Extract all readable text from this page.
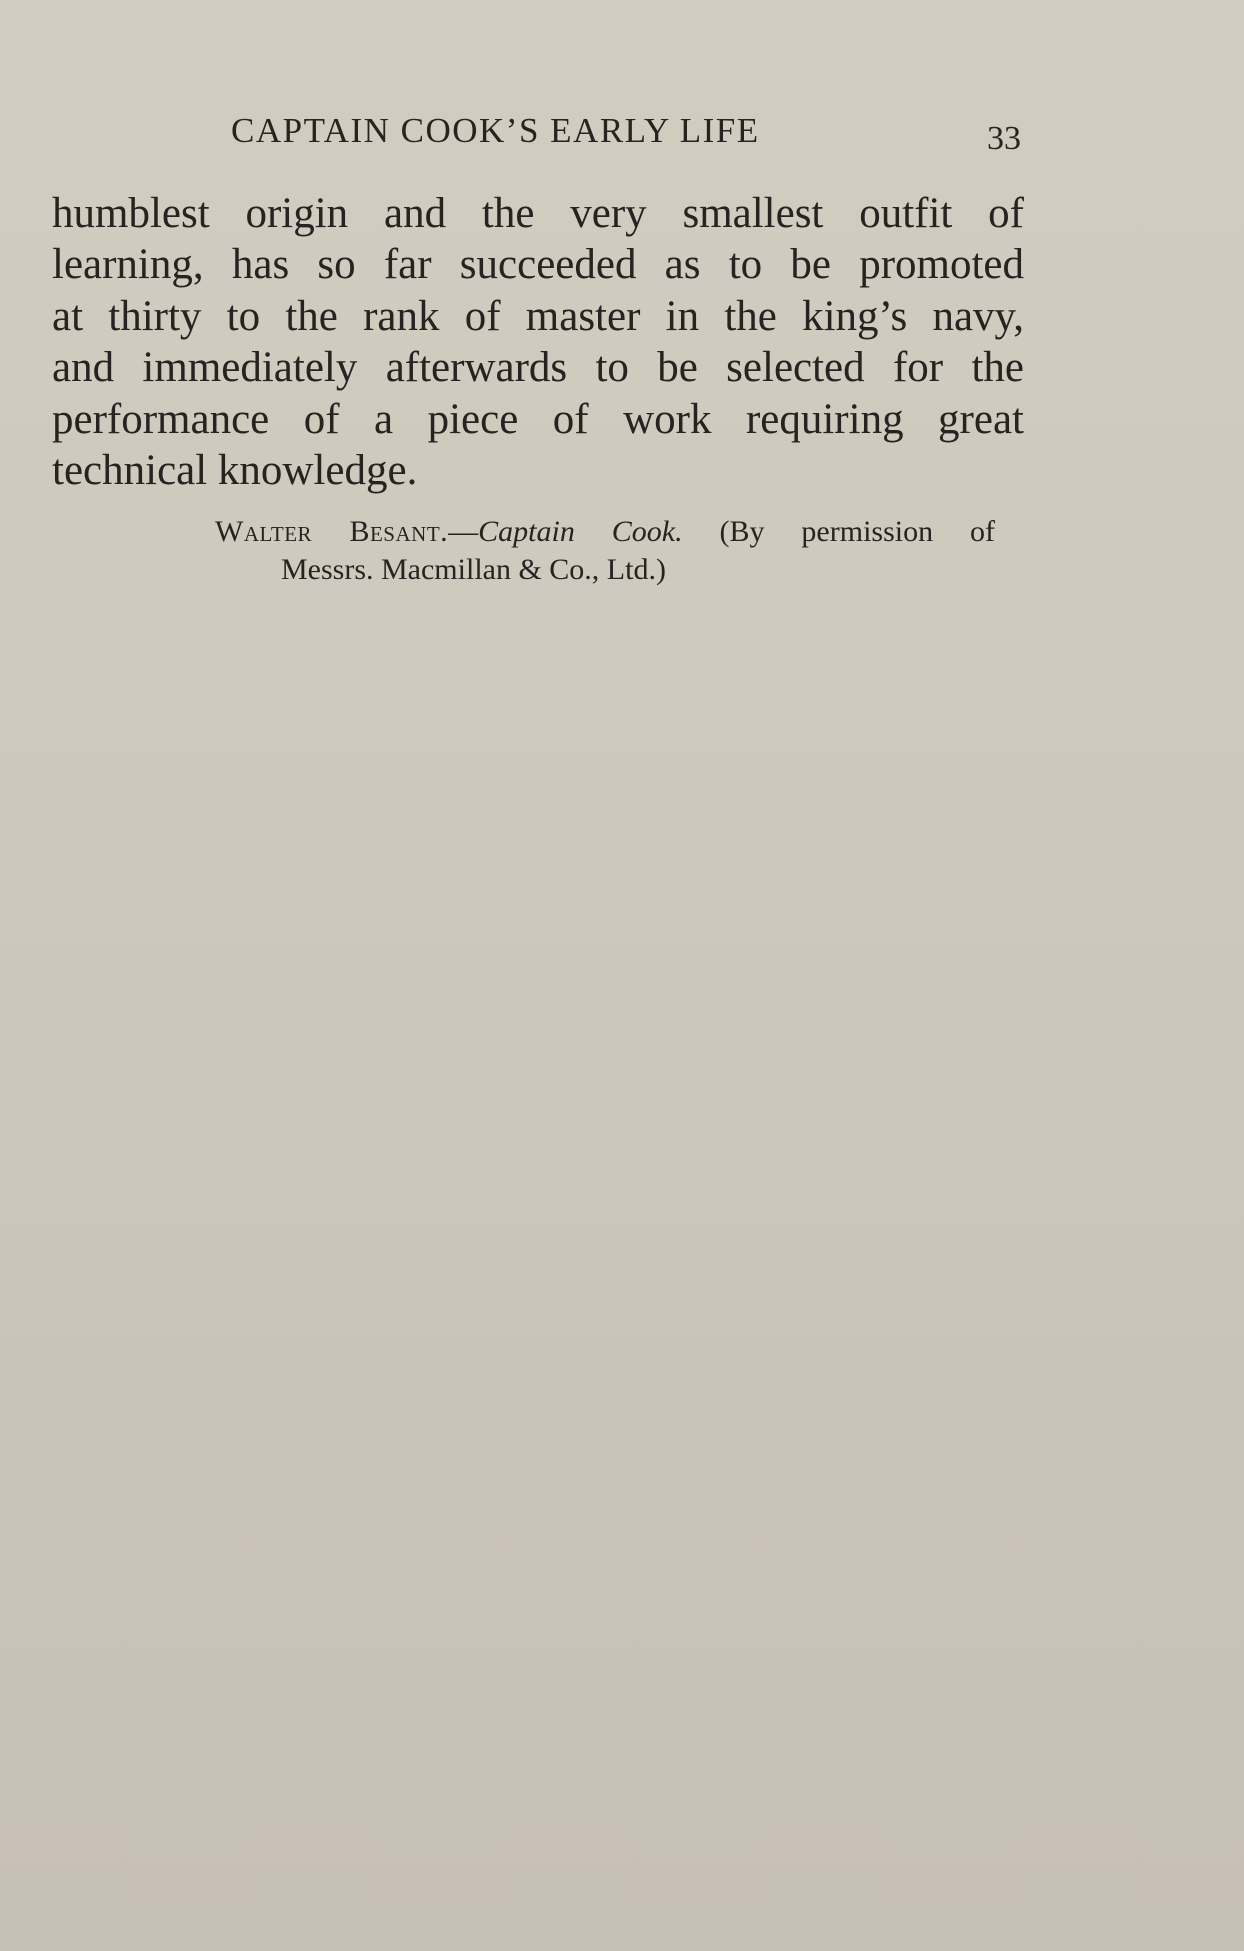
CAPTAIN COOK’S EARLY LIFE	33
humblest origin and the very smallest outfit of
learning, has so far succeeded as to be promoted
at thirty to the rank of master in the king’s navy,
and immediately afterwards to be selected for the
performance of a piece of work requiring great
technical knowledge.
Walter Besant.—Captain Cook. (By permission of
Messrs. Macmillan & Co., Ltd.)
